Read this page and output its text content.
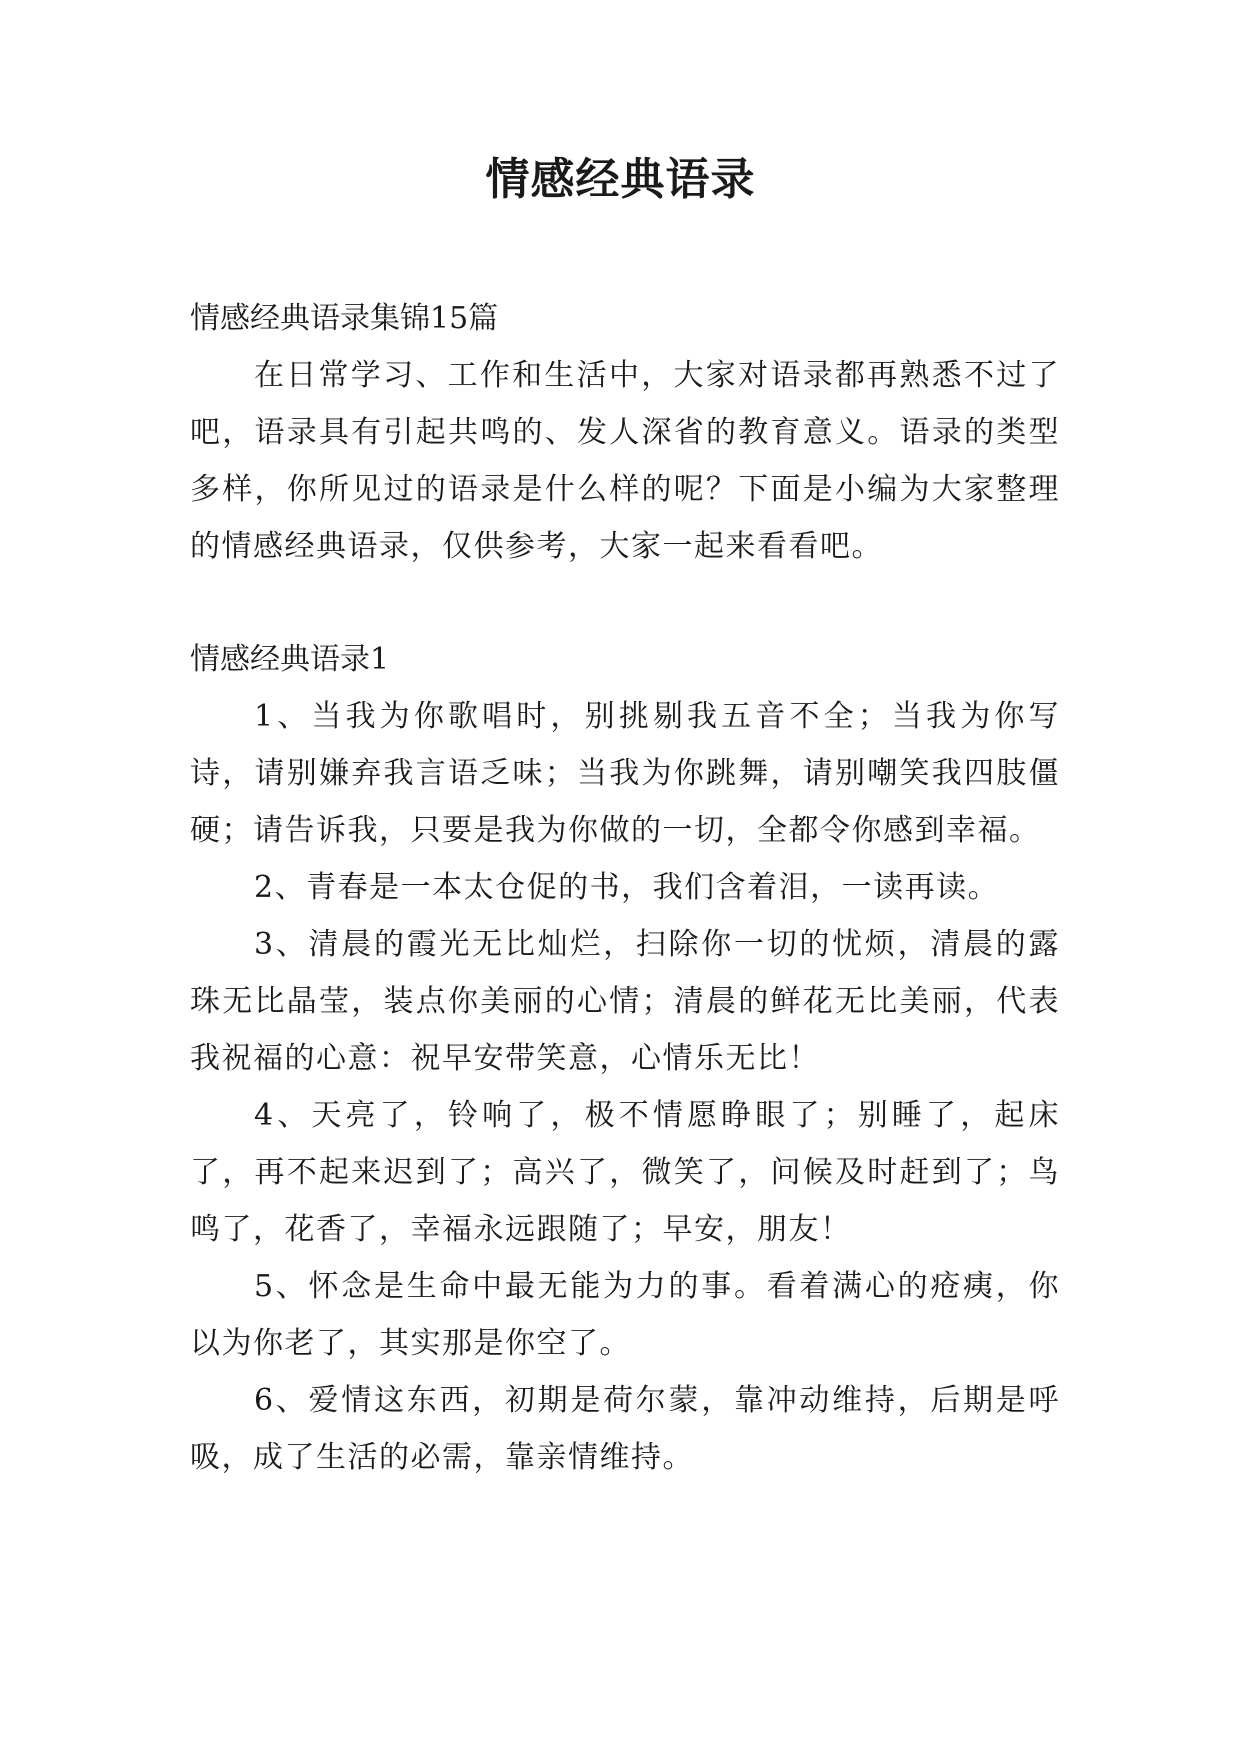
情感经典语录

情感经典语录集锦15篇

在日常学习、工作和生活中，大家对语录都再熟悉不过了吧，语录具有引起共鸣的、发人深省的教育意义。语录的类型多样，你所见过的语录是什么样的呢？下面是小编为大家整理的情感经典语录，仅供参考，大家一起来看看吧。

情感经典语录1

1、当我为你歌唱时，别挑剔我五音不全；当我为你写诗，请别嫌弃我言语乏味；当我为你跳舞，请别嘲笑我四肢僵硬；请告诉我，只要是我为你做的一切，全都令你感到幸福。

2、青春是一本太仓促的书，我们含着泪，一读再读。

3、清晨的霞光无比灿烂，扫除你一切的忧烦，清晨的露珠无比晶莹，装点你美丽的心情；清晨的鲜花无比美丽，代表我祝福的心意：祝早安带笑意，心情乐无比！

4、天亮了，铃响了，极不情愿睁眼了；别睡了，起床了，再不起来迟到了；高兴了，微笑了，问候及时赶到了；鸟鸣了，花香了，幸福永远跟随了；早安，朋友！

5、怀念是生命中最无能为力的事。看着满心的疮痍，你以为你老了，其实那是你空了。

6、爱情这东西，初期是荷尔蒙，靠冲动维持，后期是呼吸，成了生活的必需，靠亲情维持。
